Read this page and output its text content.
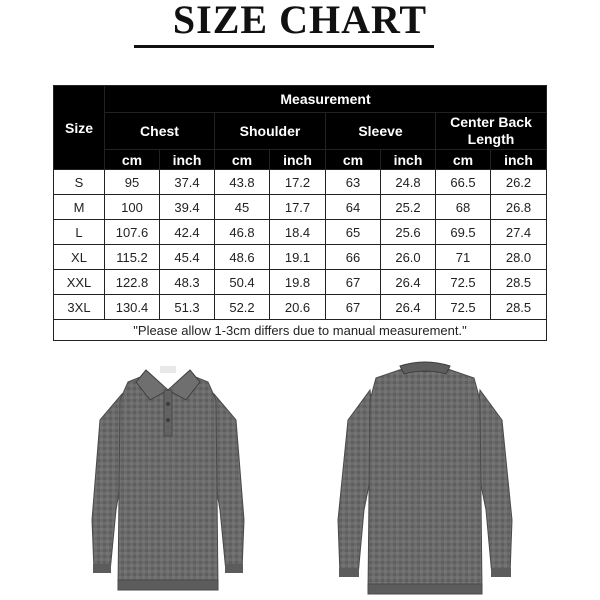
SIZE CHART
Size	Measurement							
	Chest		Shoulder		Sleeve		Center Back Length	
	cm	inch	cm	inch	cm	inch	cm	inch
S	95	37.4	43.8	17.2	63	24.8	66.5	26.2
M	100	39.4	45	17.7	64	25.2	68	26.8
L	107.6	42.4	46.8	18.4	65	25.6	69.5	27.4
XL	115.2	45.4	48.6	19.1	66	26.0	71	28.0
XXL	122.8	48.3	50.4	19.8	67	26.4	72.5	28.5
3XL	130.4	51.3	52.2	20.6	67	26.4	72.5	28.5
"Please allow 1-3cm differs due to manual measurement."								
